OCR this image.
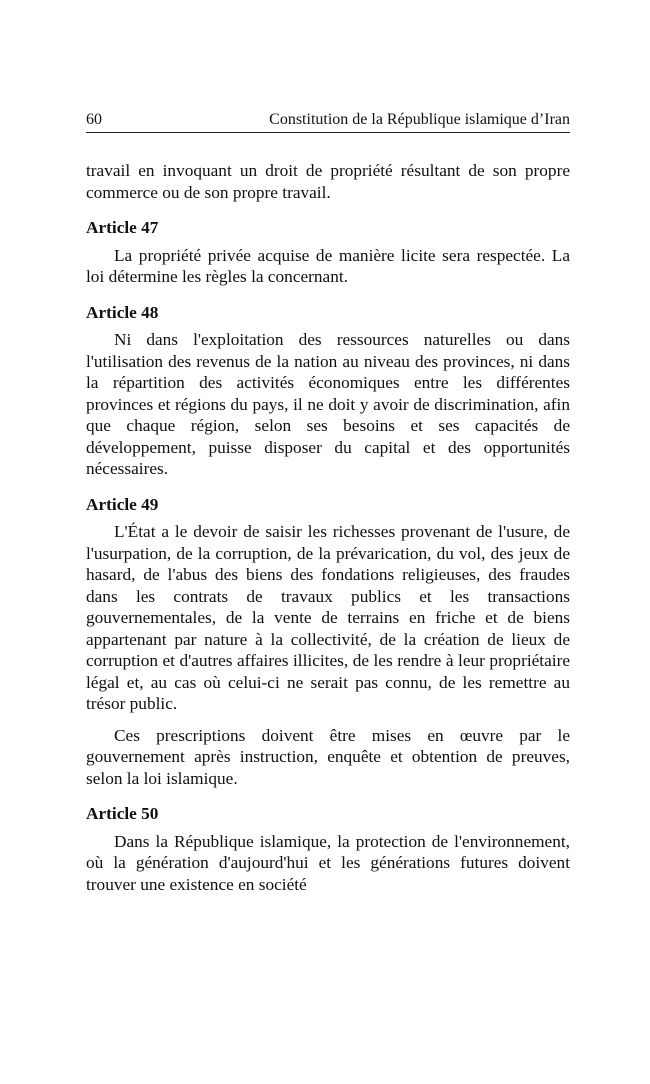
60	Constitution de la République islamique d’Iran

travail en invoquant un droit de propriété résultant de son propre commerce ou de son propre travail.

Article 47

La propriété privée acquise de manière licite sera respectée. La loi détermine les règles la concernant.

Article 48

Ni dans l'exploitation des ressources naturelles ou dans l'utilisation des revenus de la nation au niveau des provinces, ni dans la répartition des activités économiques entre les différentes provinces et régions du pays, il ne doit y avoir de discrimination, afin que chaque région, selon ses besoins et ses capacités de développement, puisse disposer du capital et des opportunités nécessaires.

Article 49

L'État a le devoir de saisir les richesses provenant de l'usure, de l'usurpation, de la corruption, de la prévarication, du vol, des jeux de hasard, de l'abus des biens des fondations religieuses, des fraudes dans les contrats de travaux publics et les transactions gouvernementales, de la vente de terrains en friche et de biens appartenant par nature à la collectivité, de la création de lieux de corruption et d'autres affaires illicites, de les rendre à leur propriétaire légal et, au cas où celui-ci ne serait pas connu, de les remettre au trésor public.

Ces prescriptions doivent être mises en œuvre par le gouvernement après instruction, enquête et obtention de preuves, selon la loi islamique.

Article 50

Dans la République islamique, la protection de l'environnement, où la génération d'aujourd'hui et les générations futures doivent trouver une existence en société
